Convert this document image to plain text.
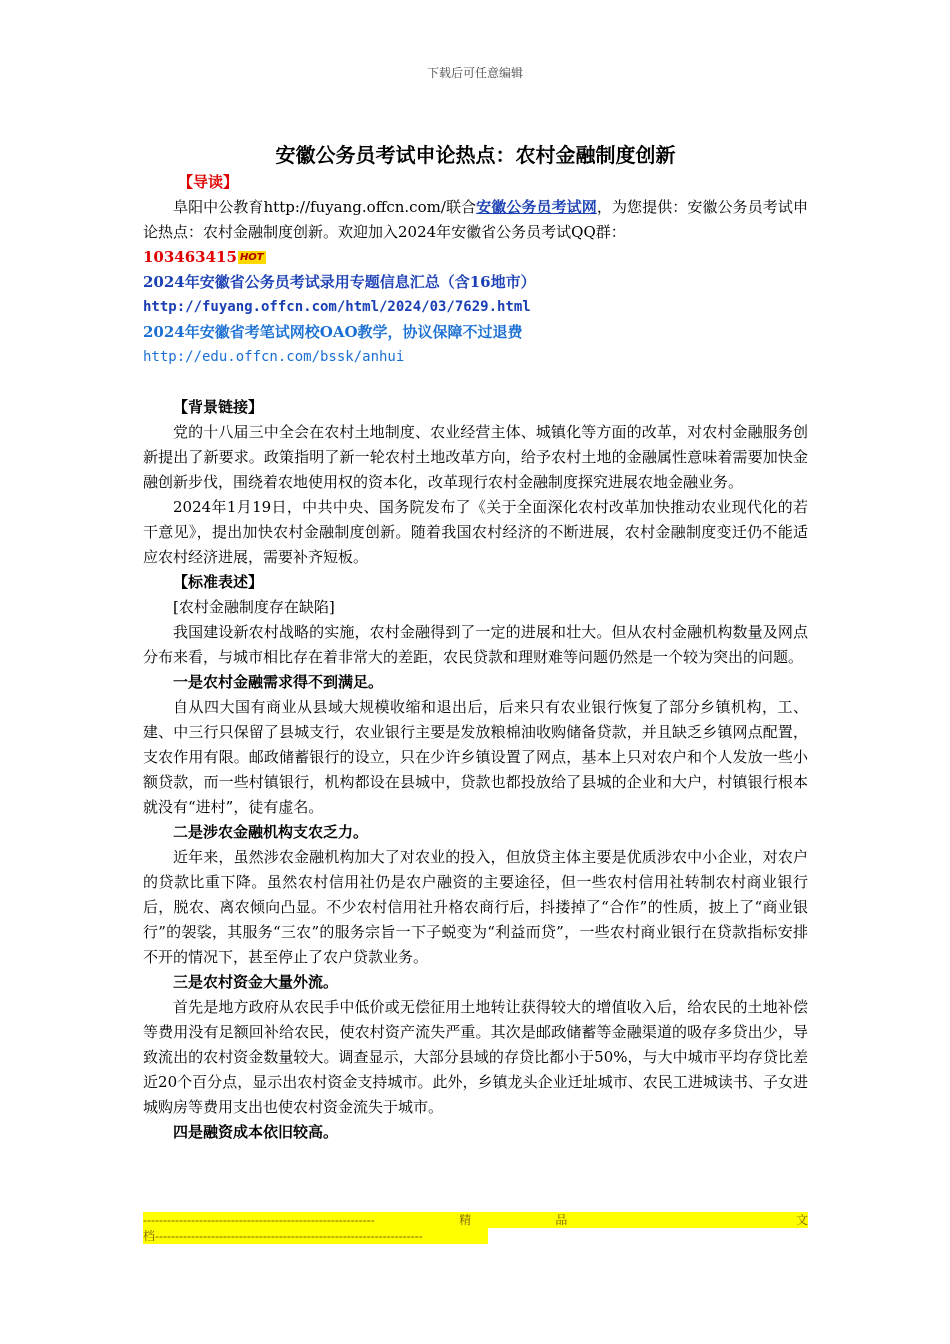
下载后可任意编辑
安徽公务员考试申论热点：农村金融制度创新

【导读】

阜阳中公教育http://fuyang.offcn.com/联合安徽公务员考试网，为您提供：安徽公务员考试申论热点：农村金融制度创新。欢迎加入2024年安徽省公务员考试QQ群：

103463415 HOT

2024年安徽省公务员考试录用专题信息汇总（含16地市）

http://fuyang.offcn.com/html/2024/03/7629.html

2024年安徽省考笔试网校OAO教学，协议保障不过退费

http://edu.offcn.com/bssk/anhui

【背景链接】

党的十八届三中全会在农村土地制度、农业经营主体、城镇化等方面的改革，对农村金融服务创新提出了新要求。政策指明了新一轮农村土地改革方向，给予农村土地的金融属性意味着需要加快金融创新步伐，围绕着农地使用权的资本化，改革现行农村金融制度探究进展农地金融业务。

2024年1月19日，中共中央、国务院发布了《关于全面深化农村改革加快推动农业现代化的若干意见》，提出加快农村金融制度创新。随着我国农村经济的不断进展，农村金融制度变迁仍不能适应农村经济进展，需要补齐短板。

【标准表述】

[农村金融制度存在缺陷]

我国建设新农村战略的实施，农村金融得到了一定的进展和壮大。但从农村金融机构数量及网点分布来看，与城市相比存在着非常大的差距，农民贷款和理财难等问题仍然是一个较为突出的问题。

一是农村金融需求得不到满足。

自从四大国有商业从县域大规模收缩和退出后，后来只有农业银行恢复了部分乡镇机构，工、建、中三行只保留了县城支行，农业银行主要是发放粮棉油收购储备贷款，并且缺乏乡镇网点配置，支农作用有限。邮政储蓄银行的设立，只在少许乡镇设置了网点，基本上只对农户和个人发放一些小额贷款，而一些村镇银行，机构都设在县城中，贷款也都投放给了县城的企业和大户，村镇银行根本就没有“进村”，徒有虚名。

二是涉农金融机构支农乏力。

近年来，虽然涉农金融机构加大了对农业的投入，但放贷主体主要是优质涉农中小企业，对农户的贷款比重下降。虽然农村信用社仍是农户融资的主要途径，但一些农村信用社转制农村商业银行后，脱农、离农倾向凸显。不少农村信用社升格农商行后，抖搂掉了“合作”的性质，披上了“商业银行”的袈裟，其服务“三农”的服务宗旨一下子蜕变为“利益而贷”，一些农村商业银行在贷款指标安排不开的情况下，甚至停止了农户贷款业务。

三是农村资金大量外流。

首先是地方政府从农民手中低价或无偿征用土地转让获得较大的增值收入后，给农民的土地补偿等费用没有足额回补给农民，使农村资产流失严重。其次是邮政储蓄等金融渠道的吸存多贷出少，导致流出的农村资金数量较大。调查显示，大部分县域的存贷比都小于50%，与大中城市平均存贷比差近20个百分点，显示出农村资金支持城市。此外，乡镇龙头企业迁址城市、农民工进城读书、子女进城购房等费用支出也使农村资金流失于城市。

四是融资成本依旧较高。

----------------------------------------------------------	精	品	文
档-------------------------------------------------------------------
